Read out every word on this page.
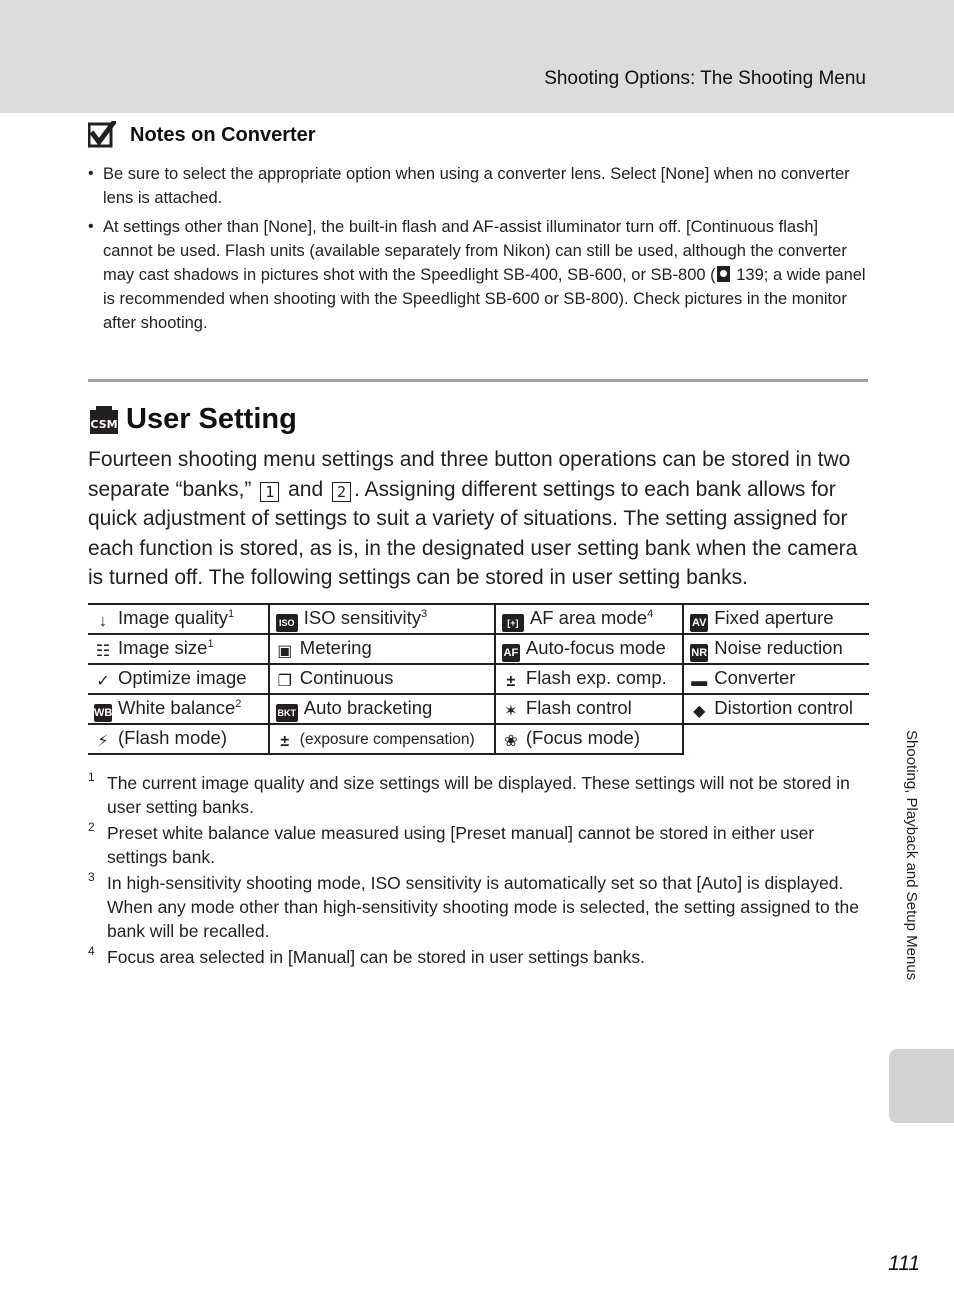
Shooting Options: The Shooting Menu
Notes on Converter
• Be sure to select the appropriate option when using a converter lens. Select [None] when no converter lens is attached.
• At settings other than [None], the built-in flash and AF-assist illuminator turn off. [Continuous flash] cannot be used. Flash units (available separately from Nikon) can still be used, although the converter may cast shadows in pictures shot with the Speedlight SB-400, SB-600, or SB-800 ( 139; a wide panel is recommended when shooting with the Speedlight SB-600 or SB-800). Check pictures in the monitor after shooting.
CSM User Setting

Fourteen shooting menu settings and three button operations can be stored in two separate “banks,” 1 and 2 . Assigning different settings to each bank allows for quick adjustment of settings to suit a variety of situations. The setting assigned for each function is stored, as is, in the designated user setting bank when the camera is turned off. The following settings can be stored in user setting banks.

↓ Image quality$^1$	ISO ISO sensitivity$^3$	[+] AF area mode$^4$	AV Fixed aperture
☷ Image size$^1$	▣ Metering	AF Auto-focus mode	NR Noise reduction
✓ Optimize image	❐ Continuous	± Flash exp. comp.	▬ Converter
WB White balance$^2$	BKT Auto bracketing	✶ Flash control	◆ Distortion control
⚡ (Flash mode)	± (exposure compensation)	❀ (Focus mode)	
1 The current image quality and size settings will be displayed. These settings will not be stored in user setting banks.
2 Preset white balance value measured using [Preset manual] cannot be stored in either user settings bank.
3 In high-sensitivity shooting mode, ISO sensitivity is automatically set so that [Auto] is displayed. When any mode other than high-sensitivity shooting mode is selected, the setting assigned to the bank will be recalled.
4 Focus area selected in [Manual] can be stored in user settings banks.	Shooting, Playback and Setup Menus
111
